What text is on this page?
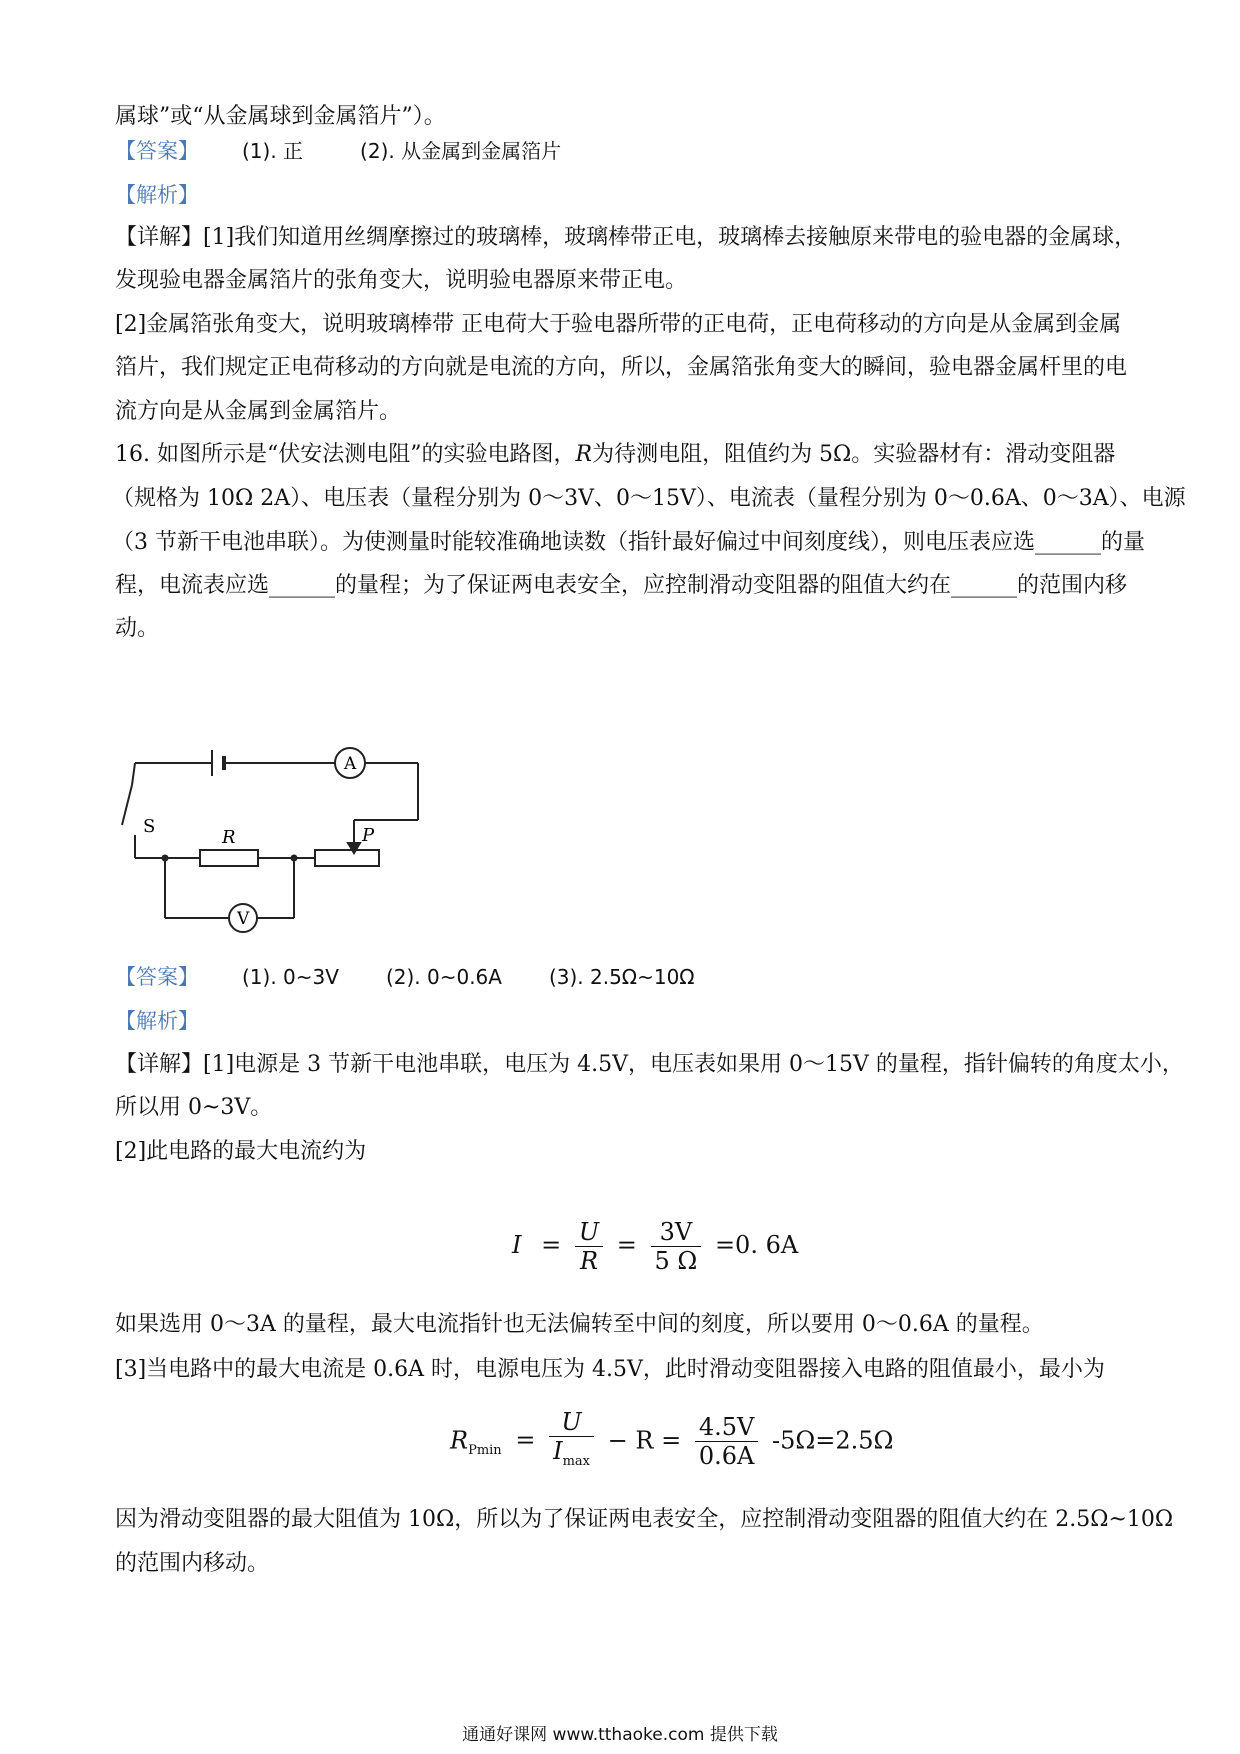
属球”或“从金属球到金属箔片”）。
【答案】 (1). 正	(2). 从金属到金属箔片
【解析】
【详解】[1]我们知道用丝绸摩擦过的玻璃棒，玻璃棒带正电，玻璃棒去接触原来带电的验电器的金属球，
发现验电器金属箔片的张角变大，说明验电器原来带正电。
[2]金属箔张角变大，说明玻璃棒带 正电荷大于验电器所带的正电荷，正电荷移动的方向是从金属到金属
箔片，我们规定正电荷移动的方向就是电流的方向，所以，金属箔张角变大的瞬间，验电器金属杆里的电
流方向是从金属到金属箔片。
16. 如图所示是“伏安法测电阻”的实验电路图，R为待测电阻，阻值约为 5Ω。实验器材有：滑动变阻器
（规格为 10Ω 2A）、电压表（量程分别为 0～3V、0～15V）、电流表（量程分别为 0～0.6A、0～3A）、电源
（3 节新干电池串联）。为使测量时能较准确地读数（指针最好偏过中间刻度线），则电压表应选______的量
程，电流表应选______的量程；为了保证两电表安全，应控制滑动变阻器的阻值大约在______的范围内移
动。
A
V
S
R	P
【答案】 (1). 0~3V (2). 0~0.6A (3). 2.5Ω~10Ω
【解析】
【详解】[1]电源是 3 节新干电池串联，电压为 4.5V，电压表如果用 0～15V 的量程，指针偏转的角度太小，
所以用 0~3V。
[2]此电路的最大电流约为
$I = \frac{U}{R} = \frac{3V}{5 \Omega} =0$. 6A
如果选用 0～3A 的量程，最大电流指针也无法偏转至中间的刻度，所以要用 0～0.6A 的量程。
[3]当电路中的最大电流是 0.6A 时，电源电压为 4.5V，此时滑动变阻器接入电路的阻值最小，最小为
$R_{Pmin} = \frac{U}{I_{max}} - R = \frac{4.5V}{0.6A} -5\Omega=2.5\Omega$
因为滑动变阻器的最大阻值为 10Ω，所以为了保证两电表安全，应控制滑动变阻器的阻值大约在 2.5Ω~10Ω
的范围内移动。
通通好课网 www.tthaoke.com 提供下载
